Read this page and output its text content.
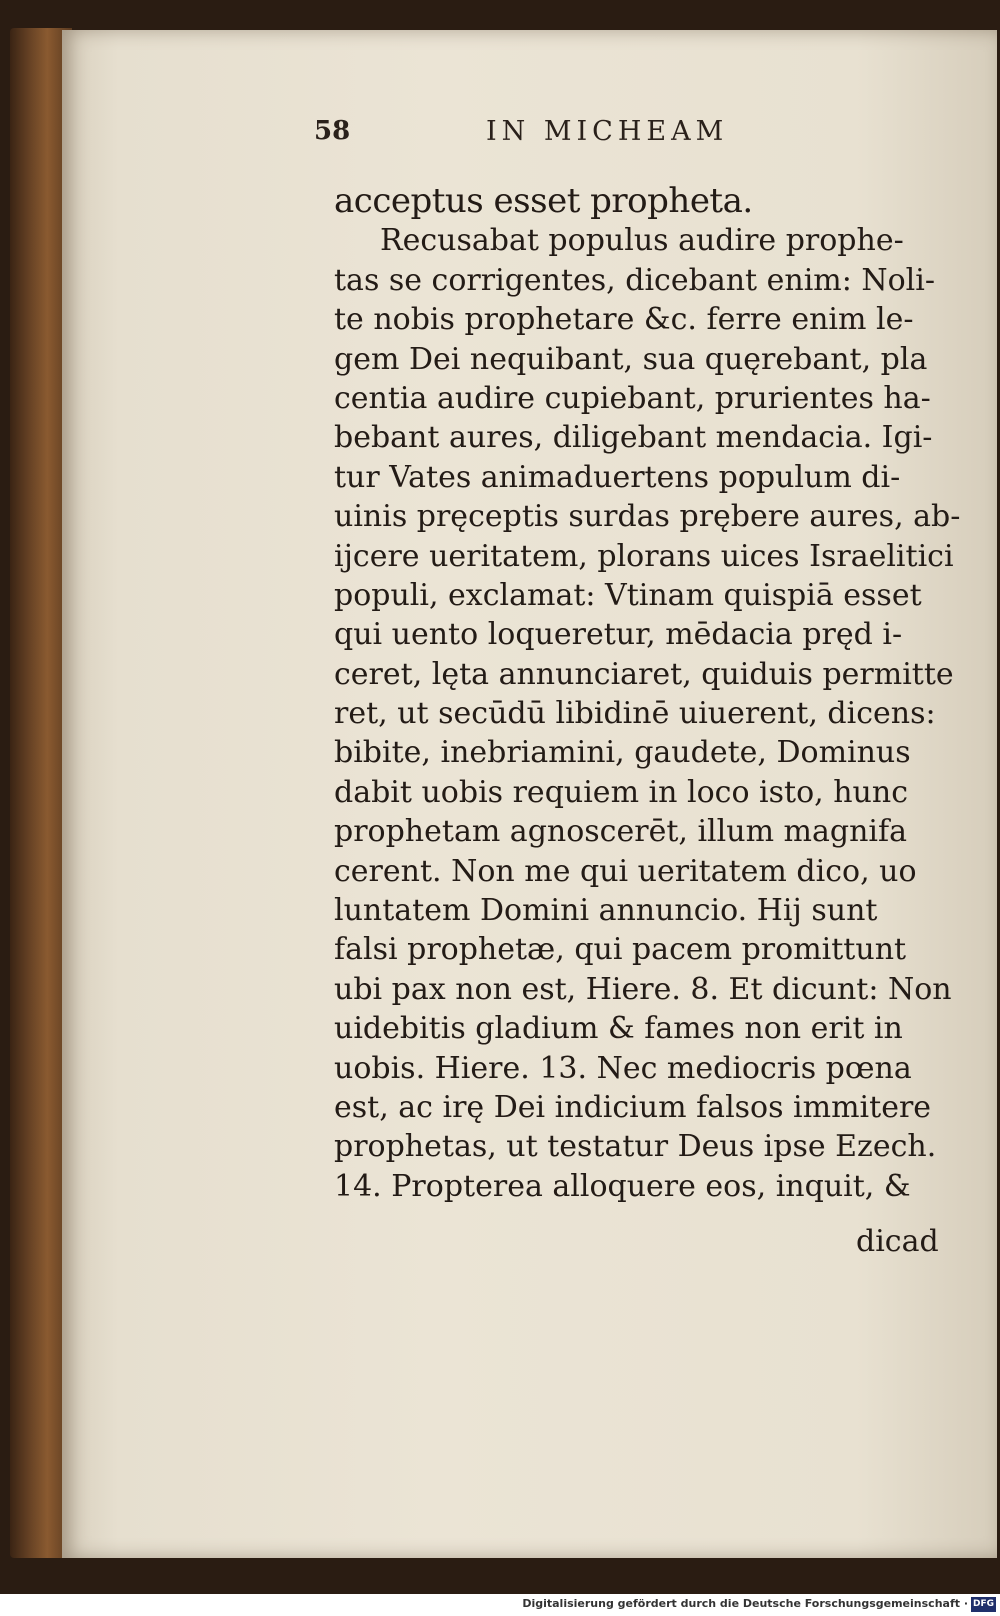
58	IN MICHEAM
acceptus esset propheta.
Recusabat populus audire prophe-
tas se corrigentes, dicebant enim: Noli-
te nobis prophetare &c. ferre enim le-
gem Dei nequibant, sua quęrebant, pla
centia audire cupiebant, prurientes ha-
bebant aures, diligebant mendacia. Igi-
tur Vates animaduertens populum di-
uinis pręceptis surdas prębere aures, ab-
ijcere ueritatem, plorans uices Israelitici
populi, exclamat: Vtinam quispiā esset
qui uento loqueretur, mēdacia pręd i-
ceret, lęta annunciaret, quiduis permitte
ret, ut secūdū libidinē uiuerent, dicens:
bibite, inebriamini, gaudete, Dominus
dabit uobis requiem in loco isto, hunc
prophetam agnoscerēt, illum magnifa
cerent. Non me qui ueritatem dico, uo
luntatem Domini annuncio. Hij sunt
falsi prophetæ, qui pacem promittunt
ubi pax non est, Hiere. 8. Et dicunt: Non
uidebitis gladium & fames non erit in
uobis. Hiere. 13. Nec mediocris pœna
est, ac irę Dei indicium falsos immitere
prophetas, ut testatur Deus ipse Ezech.
14. Propterea alloquere eos, inquit, &
dicad
Digitalisierung gefördert durch die Deutsche Forschungsgemeinschaft · DFG
